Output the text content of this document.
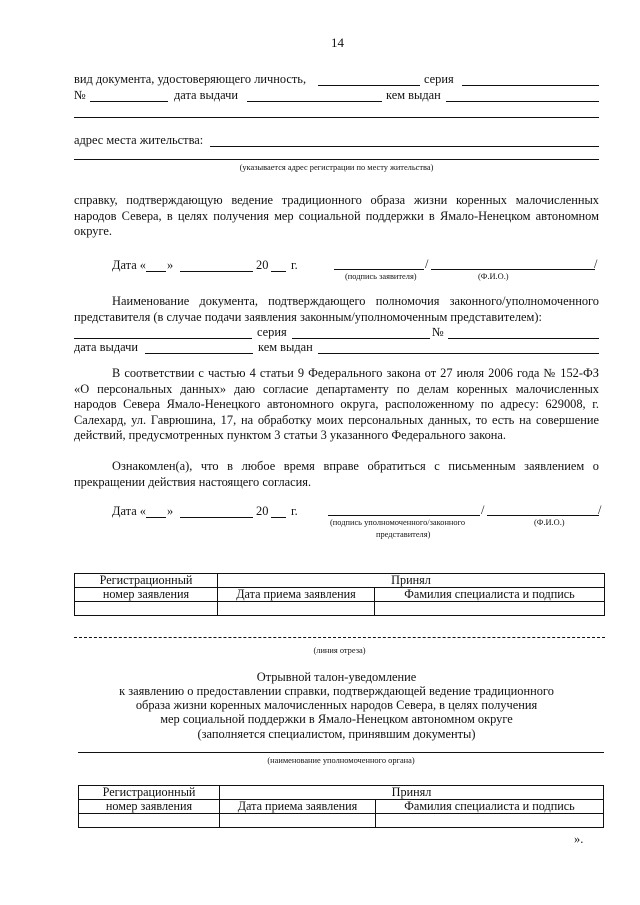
14
вид документа, удостоверяющего личность,	серия
№	дата выдачи	кем выдан
адрес места жительства:
(указывается адрес регистрации по месту жительства)
справку, подтверждающую ведение традиционного образа жизни коренных малочисленных народов Севера, в целях получения мер социальной поддержки в Ямало-Ненецком автономном округе.
Дата « »	20 г.	/	/
(подпись заявителя)	(Ф.И.О.)
Наименование документа, подтверждающего полномочия законного/уполномоченного представителя (в случае подачи заявления законным/уполномоченным представителем):
серия	№
дата выдачи	кем выдан
В соответствии с частью 4 статьи 9 Федерального закона от 27 июля 2006 года № 152-ФЗ «О персональных данных» даю согласие департаменту по делам коренных малочисленных народов Севера Ямало-Ненецкого автономного округа, расположенному по адресу: 629008, г. Салехард, ул. Гаврюшина, 17, на обработку моих персональных данных, то есть на совершение действий, предусмотренных пунктом 3 статьи 3 указанного Федерального закона.
Ознакомлен(а), что в любое время вправе обратиться с письменным заявлением о прекращении действия настоящего согласия.
Дата « »	20 г.	/	/
(подпись уполномоченного/законного	(Ф.И.О.)
представителя)
Регистрационный	Принял	
номер заявления	Дата приема заявления	Фамилия специалиста и подпись

(линия отреза)
Отрывной талон-уведомление
к заявлению о предоставлении справки, подтверждающей ведение традиционного
образа жизни коренных малочисленных народов Севера, в целях получения
мер социальной поддержки в Ямало-Ненецком автономном округе
(заполняется специалистом, принявшим документы)
(наименование уполномоченного органа)
Регистрационный	Принял	
номер заявления	Дата приема заявления	Фамилия специалиста и подпись

».
